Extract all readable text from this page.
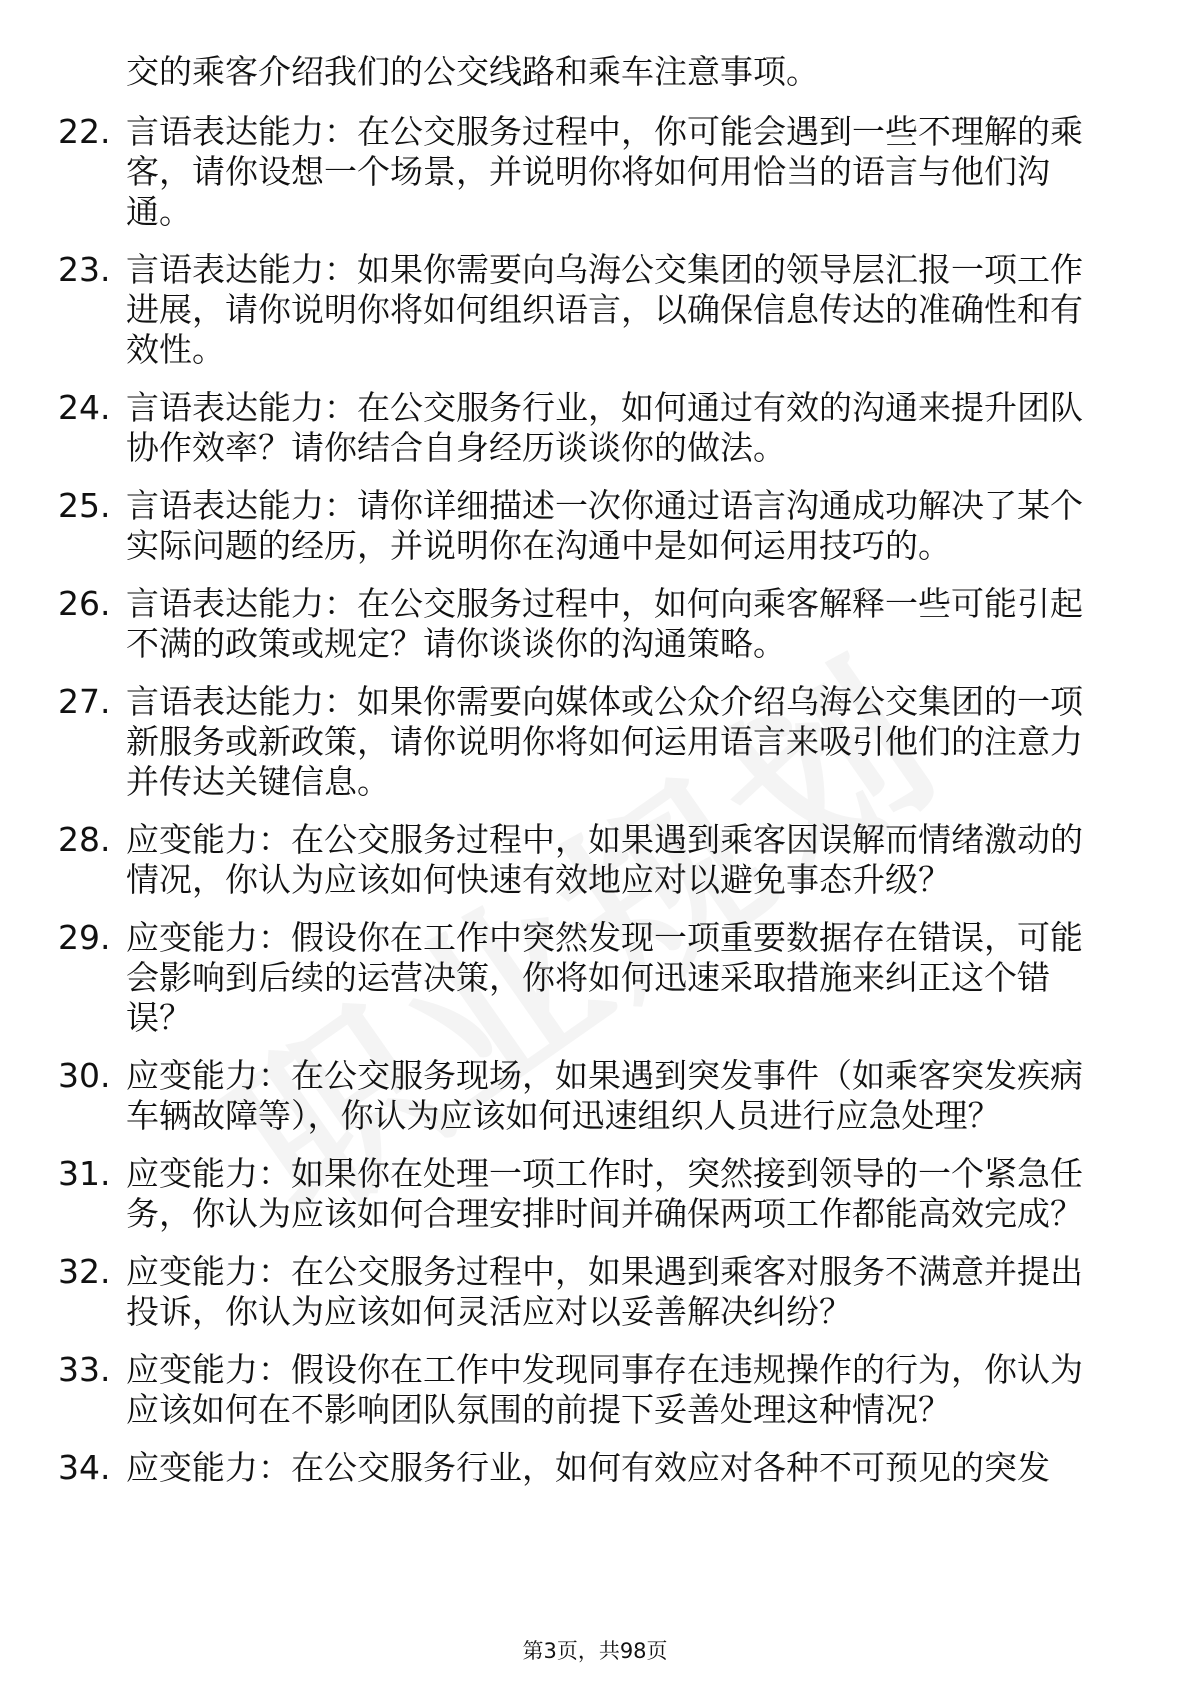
交的乘客介绍我们的公交线路和乘车注意事项。
22. 言语表达能力：在公交服务过程中，你可能会遇到一些不理解的乘客，请你设想一个场景，并说明你将如何用恰当的语言与他们沟通。
23. 言语表达能力：如果你需要向乌海公交集团的领导层汇报一项工作进展，请你说明你将如何组织语言，以确保信息传达的准确性和有效性。
24. 言语表达能力：在公交服务行业，如何通过有效的沟通来提升团队协作效率？请你结合自身经历谈谈你的做法。
25. 言语表达能力：请你详细描述一次你通过语言沟通成功解决了某个实际问题的经历，并说明你在沟通中是如何运用技巧的。
26. 言语表达能力：在公交服务过程中，如何向乘客解释一些可能引起不满的政策或规定？请你谈谈你的沟通策略。
27. 言语表达能力：如果你需要向媒体或公众介绍乌海公交集团的一项新服务或新政策，请你说明你将如何运用语言来吸引他们的注意力并传达关键信息。
28. 应变能力：在公交服务过程中，如果遇到乘客因误解而情绪激动的情况，你认为应该如何快速有效地应对以避免事态升级？
29. 应变能力：假设你在工作中突然发现一项重要数据存在错误，可能会影响到后续的运营决策，你将如何迅速采取措施来纠正这个错误？
30. 应变能力：在公交服务现场，如果遇到突发事件（如乘客突发疾病车辆故障等），你认为应该如何迅速组织人员进行应急处理？
31. 应变能力：如果你在处理一项工作时，突然接到领导的一个紧急任务，你认为应该如何合理安排时间并确保两项工作都能高效完成？
32. 应变能力：在公交服务过程中，如果遇到乘客对服务不满意并提出投诉，你认为应该如何灵活应对以妥善解决纠纷？
33. 应变能力：假设你在工作中发现同事存在违规操作的行为，你认为应该如何在不影响团队氛围的前提下妥善处理这种情况？
34. 应变能力：在公交服务行业，如何有效应对各种不可预见的突发
第3页，共98页
